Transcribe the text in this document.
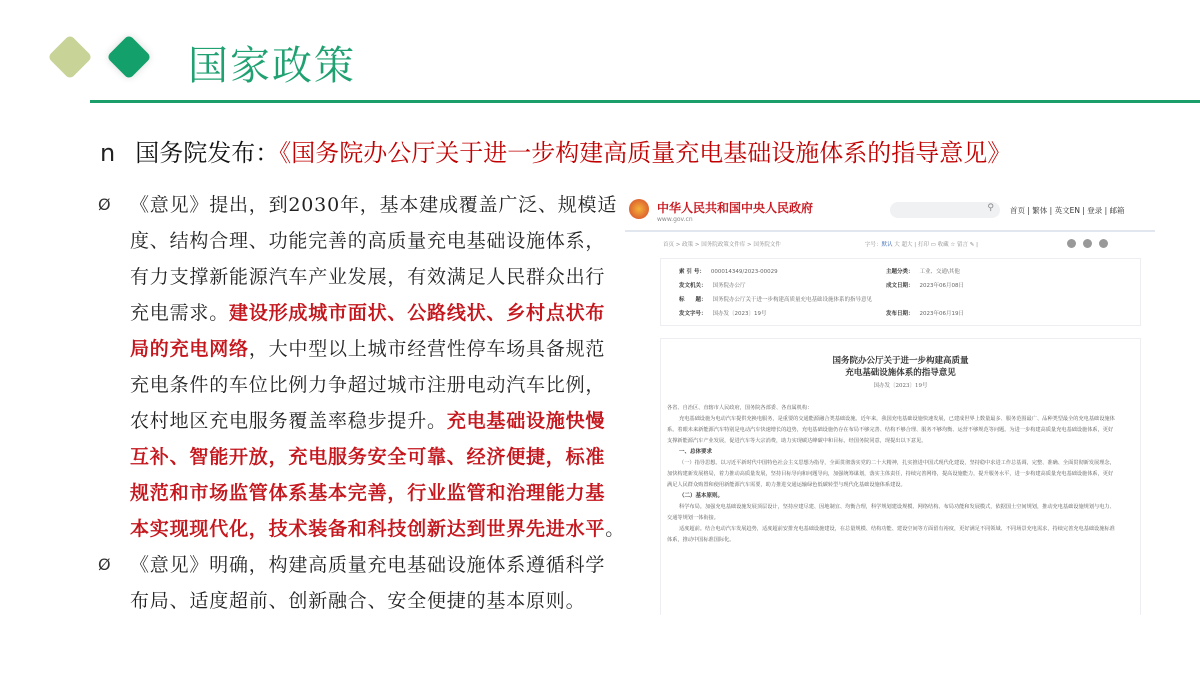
国家政策
n 国务院发布：《国务院办公厅关于进一步构建高质量充电基础设施体系的指导意见》
Ø 《意见》提出，到2030年，基本建成覆盖广泛、规模适
度、结构合理、功能完善的高质量充电基础设施体系，
有力支撑新能源汽车产业发展，有效满足人民群众出行
充电需求。建设形成城市面状、公路线状、乡村点状布
局的充电网络，大中型以上城市经营性停车场具备规范
充电条件的车位比例力争超过城市注册电动汽车比例，
农村地区充电服务覆盖率稳步提升。充电基础设施快慢
互补、智能开放，充电服务安全可靠、经济便捷，标准
规范和市场监管体系基本完善，行业监管和治理能力基
本实现现代化，技术装备和科技创新达到世界先进水平。
Ø 《意见》明确，构建高质量充电基础设施体系遵循科学
布局、适度超前、创新融合、安全便捷的基本原则。
中华人民共和国中央人民政府
www.gov.cn
⚲ 首页 | 繁体 | 英文EN | 登录 | 邮箱
首页 > 政策 > 国务院政策文件库 > 国务院文件	字号：默认 大 超大 | 打印 ▭ 收藏 ☆ 留言 ✎ |
索 引 号： 000014349/2023-00029	主题分类： 工业、交通\其他
发文机关： 国务院办公厅	成文日期： 2023年06月08日
标　　题： 国务院办公厅关于进一步构建高质量充电基础设施体系的指导意见
发文字号： 国办发〔2023〕19号	发布日期： 2023年06月19日
国务院办公厅关于进一步构建高质量
充电基础设施体系的指导意见
国办发〔2023〕19号
各省、自治区、直辖市人民政府，国务院各部委、各直属机构：
充电基础设施为电动汽车提供充换电服务，是重要的交通能源融合类基础设施。近年来，我国充电基础设施快速发展，已建成世界上数量最多、服务范围最广、品种类型最全的充电基础设施体系。着眼未来新能源汽车特别是电动汽车快速增长的趋势，充电基础设施仍存在布局不够完善、结构不够合理、服务不够均衡、运营不够规范等问题。为进一步构建高质量充电基础设施体系，更好支撑新能源汽车产业发展，促进汽车等大宗消费，助力实现碳达峰碳中和目标，经国务院同意，现提出以下意见。
一、总体要求
（一）指导思想。以习近平新时代中国特色社会主义思想为指导，全面贯彻落实党的二十大精神，扎实推进中国式现代化建设，坚持稳中求进工作总基调，完整、准确、全面贯彻新发展理念，加快构建新发展格局，着力推动高质量发展，坚持目标导向和问题导向，加强统筹谋划，落实主体责任，持续完善网络，提高设施能力，提升服务水平，进一步构建高质量充电基础设施体系，更好满足人民群众购置和使用新能源汽车需要，助力推进交通运输绿色低碳转型与现代化基础设施体系建设。
（二）基本原则。
科学布局。加强充电基础设施发展顶层设计，坚持应建尽建、因地制宜、均衡合理，科学规划建设规模、网络结构、布局功能和发展模式，依据国土空间规划，推动充电基础设施规划与电力、交通等规划一体衔接。
适度超前。结合电动汽车发展趋势，适度超前安排充电基础设施建设，在总量规模、结构功能、建设空间等方面留有裕度，更好满足不同领域、不同场景充电需求，持续完善充电基础设施标准体系，推动中国标准国际化。
